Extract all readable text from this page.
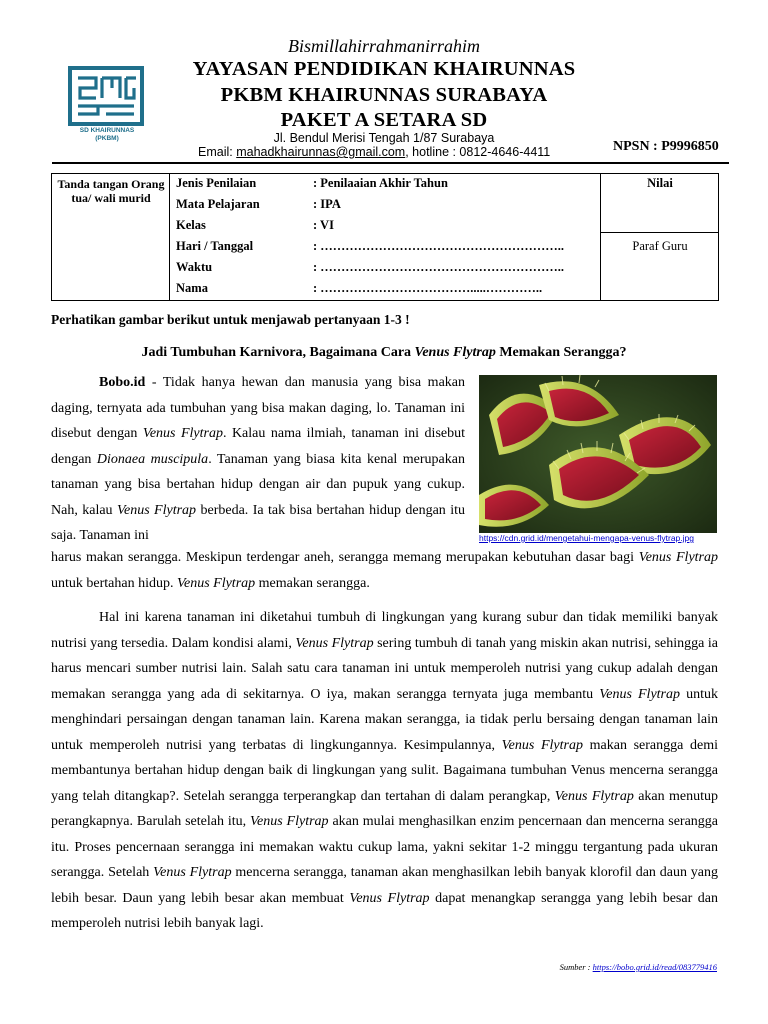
SD KHAIRUNNAS
(PKBM)
Bismillahirrahmanirrahim
YAYASAN PENDIDIKAN KHAIRUNNAS
PKBM KHAIRUNNAS SURABAYA
PAKET A SETARA SD
Jl. Bendul Merisi Tengah 1/87 Surabaya
Email: mahadkhairunnas@gmail.com, hotline : 0812-4646-4411	NPSN : P9996850
Tanda tangan Orang tua/ wali murid
Jenis Penilaian	: Penilaaian Akhir Tahun
Mata Pelajaran	: IPA
Kelas	: VI
Hari / Tanggal	: …………………………………………………..
Waktu	: …………………………………………………..
Nama	: ……………………………….....…………..
Nilai
Paraf Guru
Perhatikan gambar berikut untuk menjawab pertanyaan 1-3 !
Jadi Tumbuhan Karnivora, Bagaimana Cara Venus Flytrap Memakan Serangga?
https://cdn.grid.id/mengetahui-mengapa-venus-flytrap.jpg
Bobo.id - Tidak hanya hewan dan manusia yang bisa makan daging, ternyata ada tumbuhan yang bisa makan daging, lo. Tanaman ini disebut dengan Venus Flytrap. Kalau nama ilmiah, tanaman ini disebut dengan Dionaea muscipula. Tanaman yang biasa kita kenal merupakan tanaman yang bisa bertahan hidup dengan air dan pupuk yang cukup. Nah, kalau Venus Flytrap berbeda. Ia tak bisa bertahan hidup dengan itu saja. Tanaman ini
harus makan serangga. Meskipun terdengar aneh, serangga memang merupakan kebutuhan dasar bagi Venus Flytrap untuk bertahan hidup. Venus Flytrap memakan serangga.
Hal ini karena tanaman ini diketahui tumbuh di lingkungan yang kurang subur dan tidak memiliki banyak nutrisi yang tersedia. Dalam kondisi alami, Venus Flytrap sering tumbuh di tanah yang miskin akan nutrisi, sehingga ia harus mencari sumber nutrisi lain. Salah satu cara tanaman ini untuk memperoleh nutrisi yang cukup adalah dengan memakan serangga yang ada di sekitarnya. O iya, makan serangga ternyata juga membantu Venus Flytrap untuk menghindari persaingan dengan tanaman lain. Karena makan serangga, ia tidak perlu bersaing dengan tanaman lain untuk memperoleh nutrisi yang terbatas di lingkungannya. Kesimpulannya, Venus Flytrap makan serangga demi membantunya bertahan hidup dengan baik di lingkungan yang sulit. Bagaimana tumbuhan Venus mencerna serangga yang telah ditangkap?. Setelah serangga terperangkap dan tertahan di dalam perangkap, Venus Flytrap akan menutup perangkapnya. Barulah setelah itu, Venus Flytrap akan mulai menghasilkan enzim pencernaan dan mencerna serangga itu. Proses pencernaan serangga ini memakan waktu cukup lama, yakni sekitar 1-2 minggu tergantung pada ukuran serangga. Setelah Venus Flytrap mencerna serangga, tanaman akan menghasilkan lebih banyak klorofil dan daun yang lebih besar. Daun yang lebih besar akan membuat Venus Flytrap dapat menangkap serangga yang lebih besar dan memperoleh nutrisi lebih banyak lagi.
Sumber : https://bobo.grid.id/read/083779416
